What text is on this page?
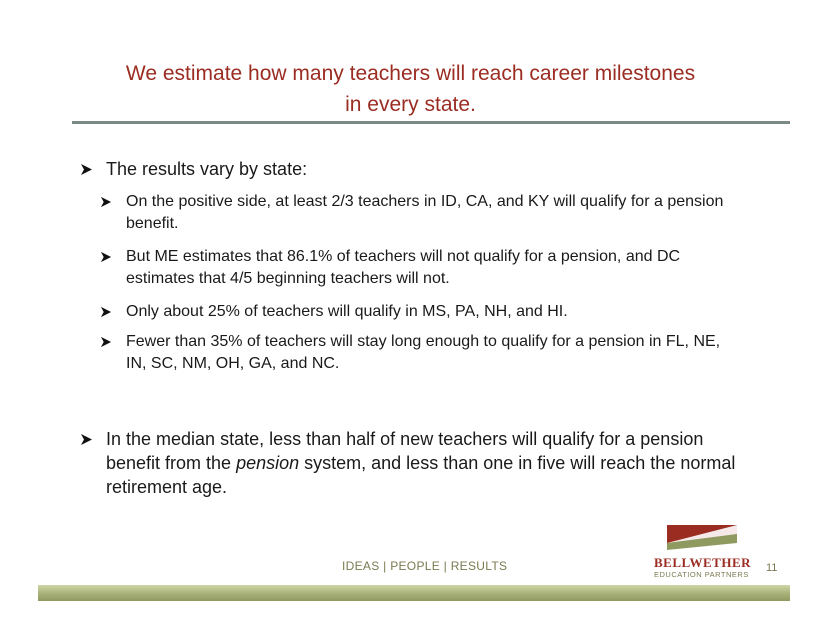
We estimate how many teachers will reach career milestones
in every state.
The results vary by state:
On the positive side, at least 2/3 teachers in ID, CA, and KY will qualify for a pension benefit.
But ME estimates that 86.1% of teachers will not qualify for a pension, and DC estimates that 4/5 beginning teachers will not.
Only about 25% of teachers will qualify in MS, PA, NH, and HI.
Fewer than 35% of teachers will stay long enough to qualify for a pension in FL, NE, IN, SC, NM, OH, GA, and NC.
In the median state, less than half of new teachers will qualify for a pension benefit from the pension system, and less than one in five will reach the normal retirement age.
IDEAS | PEOPLE | RESULTS	BELLWETHER
EDUCATION PARTNERS
11
